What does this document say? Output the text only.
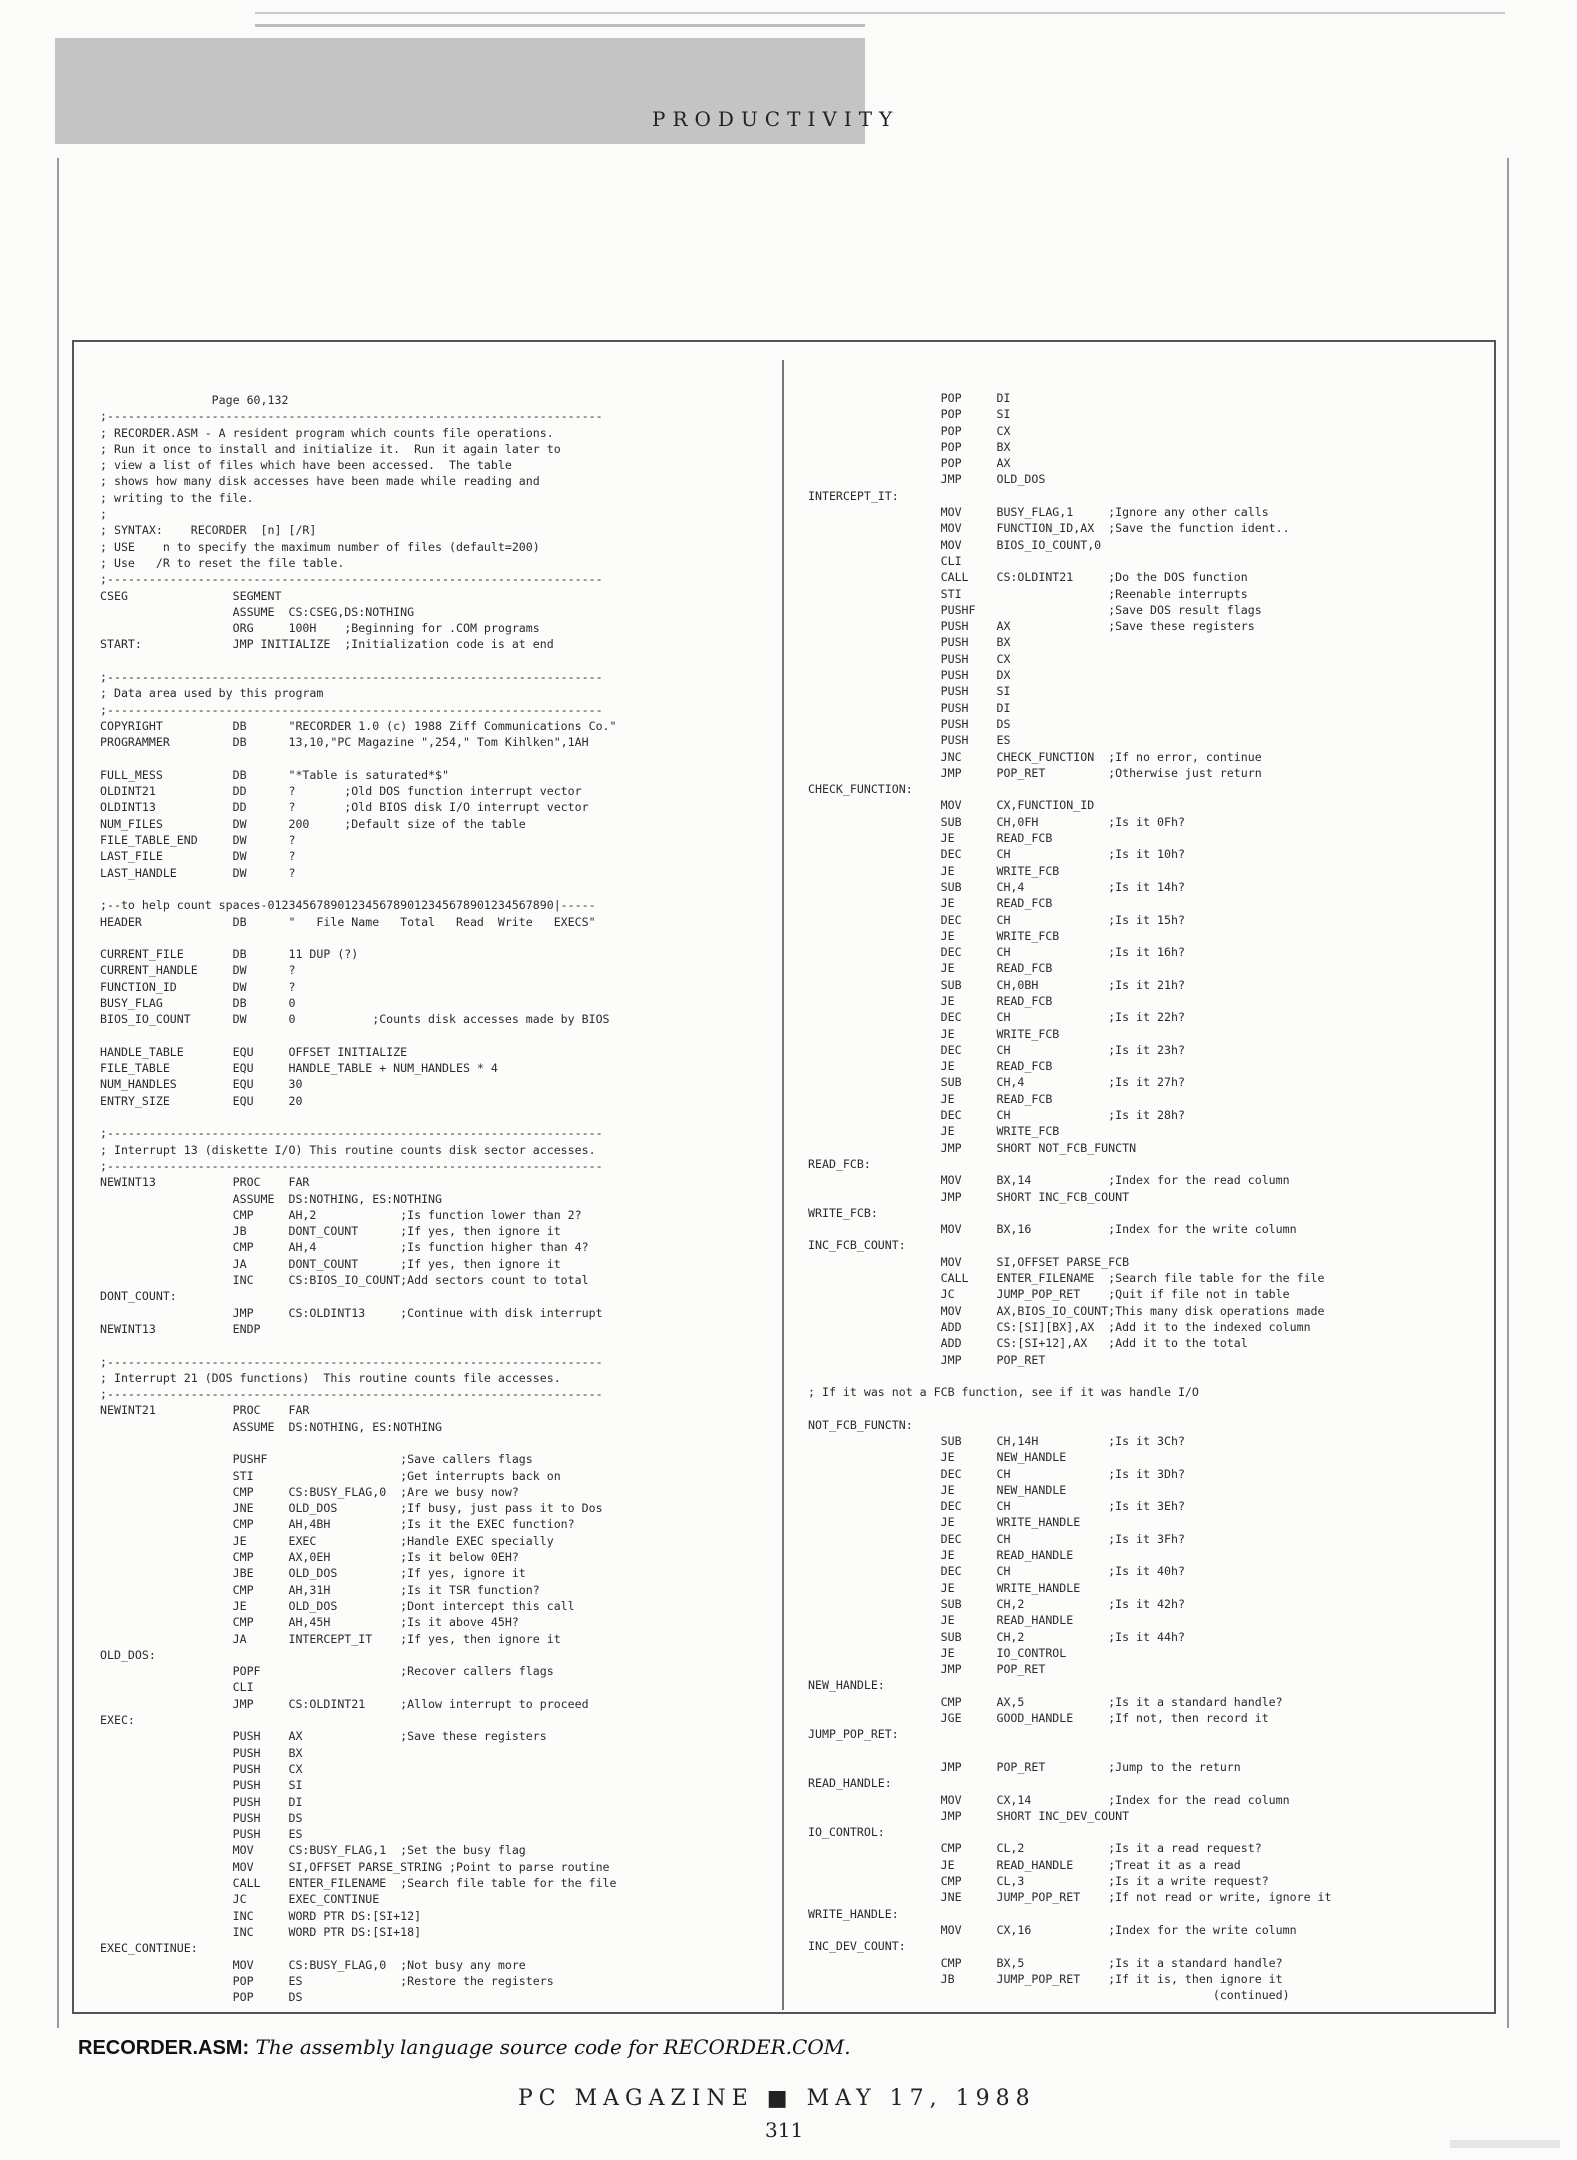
PRODUCTIVITY
Page 60,132
;-----------------------------------------------------------------------
; RECORDER.ASM - A resident program which counts file operations.
; Run it once to install and initialize it.  Run it again later to
; view a list of files which have been accessed.  The table
; shows how many disk accesses have been made while reading and
; writing to the file.
;
; SYNTAX:    RECORDER  [n] [/R]
; USE    n to specify the maximum number of files (default=200)
; Use   /R to reset the file table.
;-----------------------------------------------------------------------
CSEG               SEGMENT
ASSUME  CS:CSEG,DS:NOTHING
ORG     100H    ;Beginning for .COM programs
START:             JMP INITIALIZE  ;Initialization code is at end

;-----------------------------------------------------------------------
; Data area used by this program
;-----------------------------------------------------------------------
COPYRIGHT          DB      "RECORDER 1.0 (c) 1988 Ziff Communications Co."
PROGRAMMER         DB      13,10,"PC Magazine ",254," Tom Kihlken",1AH

FULL_MESS          DB      "*Table is saturated*$"
OLDINT21           DD      ?       ;Old DOS function interrupt vector
OLDINT13           DD      ?       ;Old BIOS disk I/O interrupt vector
NUM_FILES          DW      200     ;Default size of the table
FILE_TABLE_END     DW      ?
LAST_FILE          DW      ?
LAST_HANDLE        DW      ?

;--to help count spaces-01234567890123456789012345678901234567890|-----
HEADER             DB      "   File Name   Total   Read  Write   EXECS"

CURRENT_FILE       DB      11 DUP (?)
CURRENT_HANDLE     DW      ?
FUNCTION_ID        DW      ?
BUSY_FLAG          DB      0
BIOS_IO_COUNT      DW      0           ;Counts disk accesses made by BIOS

HANDLE_TABLE       EQU     OFFSET INITIALIZE
FILE_TABLE         EQU     HANDLE_TABLE + NUM_HANDLES * 4
NUM_HANDLES        EQU     30
ENTRY_SIZE         EQU     20

;-----------------------------------------------------------------------
; Interrupt 13 (diskette I/O) This routine counts disk sector accesses.
;-----------------------------------------------------------------------
NEWINT13           PROC    FAR
ASSUME  DS:NOTHING, ES:NOTHING
CMP     AH,2            ;Is function lower than 2?
JB      DONT_COUNT      ;If yes, then ignore it
CMP     AH,4            ;Is function higher than 4?
JA      DONT_COUNT      ;If yes, then ignore it
INC     CS:BIOS_IO_COUNT;Add sectors count to total
DONT_COUNT:
JMP     CS:OLDINT13     ;Continue with disk interrupt
NEWINT13           ENDP

;-----------------------------------------------------------------------
; Interrupt 21 (DOS functions)  This routine counts file accesses.
;-----------------------------------------------------------------------
NEWINT21           PROC    FAR
ASSUME  DS:NOTHING, ES:NOTHING

PUSHF                   ;Save callers flags
STI                     ;Get interrupts back on
CMP     CS:BUSY_FLAG,0  ;Are we busy now?
JNE     OLD_DOS         ;If busy, just pass it to Dos
CMP     AH,4BH          ;Is it the EXEC function?
JE      EXEC            ;Handle EXEC specially
CMP     AX,0EH          ;Is it below 0EH?
JBE     OLD_DOS         ;If yes, ignore it
CMP     AH,31H          ;Is it TSR function?
JE      OLD_DOS         ;Dont intercept this call
CMP     AH,45H          ;Is it above 45H?
JA      INTERCEPT_IT    ;If yes, then ignore it
OLD_DOS:
POPF                    ;Recover callers flags
CLI
JMP     CS:OLDINT21     ;Allow interrupt to proceed
EXEC:
PUSH    AX              ;Save these registers
PUSH    BX
PUSH    CX
PUSH    SI
PUSH    DI
PUSH    DS
PUSH    ES
MOV     CS:BUSY_FLAG,1  ;Set the busy flag
MOV     SI,OFFSET PARSE_STRING ;Point to parse routine
CALL    ENTER_FILENAME  ;Search file table for the file
JC      EXEC_CONTINUE
INC     WORD PTR DS:[SI+12]
INC     WORD PTR DS:[SI+18]
EXEC_CONTINUE:
MOV     CS:BUSY_FLAG,0  ;Not busy any more
POP     ES              ;Restore the registers
POP     DS
POP     DI
POP     SI
POP     CX
POP     BX
POP     AX
JMP     OLD_DOS
INTERCEPT_IT:
MOV     BUSY_FLAG,1     ;Ignore any other calls
MOV     FUNCTION_ID,AX  ;Save the function ident..
MOV     BIOS_IO_COUNT,0
CLI
CALL    CS:OLDINT21     ;Do the DOS function
STI                     ;Reenable interrupts
PUSHF                   ;Save DOS result flags
PUSH    AX              ;Save these registers
PUSH    BX
PUSH    CX
PUSH    DX
PUSH    SI
PUSH    DI
PUSH    DS
PUSH    ES
JNC     CHECK_FUNCTION  ;If no error, continue
JMP     POP_RET         ;Otherwise just return
CHECK_FUNCTION:
MOV     CX,FUNCTION_ID
SUB     CH,0FH          ;Is it 0Fh?
JE      READ_FCB
DEC     CH              ;Is it 10h?
JE      WRITE_FCB
SUB     CH,4            ;Is it 14h?
JE      READ_FCB
DEC     CH              ;Is it 15h?
JE      WRITE_FCB
DEC     CH              ;Is it 16h?
JE      READ_FCB
SUB     CH,0BH          ;Is it 21h?
JE      READ_FCB
DEC     CH              ;Is it 22h?
JE      WRITE_FCB
DEC     CH              ;Is it 23h?
JE      READ_FCB
SUB     CH,4            ;Is it 27h?
JE      READ_FCB
DEC     CH              ;Is it 28h?
JE      WRITE_FCB
JMP     SHORT NOT_FCB_FUNCTN
READ_FCB:
MOV     BX,14           ;Index for the read column
JMP     SHORT INC_FCB_COUNT
WRITE_FCB:
MOV     BX,16           ;Index for the write column
INC_FCB_COUNT:
MOV     SI,OFFSET PARSE_FCB
CALL    ENTER_FILENAME  ;Search file table for the file
JC      JUMP_POP_RET    ;Quit if file not in table
MOV     AX,BIOS_IO_COUNT;This many disk operations made
ADD     CS:[SI][BX],AX  ;Add it to the indexed column
ADD     CS:[SI+12],AX   ;Add it to the total
JMP     POP_RET

; If it was not a FCB function, see if it was handle I/O

NOT_FCB_FUNCTN:
SUB     CH,14H          ;Is it 3Ch?
JE      NEW_HANDLE
DEC     CH              ;Is it 3Dh?
JE      NEW_HANDLE
DEC     CH              ;Is it 3Eh?
JE      WRITE_HANDLE
DEC     CH              ;Is it 3Fh?
JE      READ_HANDLE
DEC     CH              ;Is it 40h?
JE      WRITE_HANDLE
SUB     CH,2            ;Is it 42h?
JE      READ_HANDLE
SUB     CH,2            ;Is it 44h?
JE      IO_CONTROL
JMP     POP_RET
NEW_HANDLE:
CMP     AX,5            ;Is it a standard handle?
JGE     GOOD_HANDLE     ;If not, then record it
JUMP_POP_RET:

JMP     POP_RET         ;Jump to the return
READ_HANDLE:
MOV     CX,14           ;Index for the read column
JMP     SHORT INC_DEV_COUNT
IO_CONTROL:
CMP     CL,2            ;Is it a read request?
JE      READ_HANDLE     ;Treat it as a read
CMP     CL,3            ;Is it a write request?
JNE     JUMP_POP_RET    ;If not read or write, ignore it
WRITE_HANDLE:
MOV     CX,16           ;Index for the write column
INC_DEV_COUNT:
CMP     BX,5            ;Is it a standard handle?
JB      JUMP_POP_RET    ;If it is, then ignore it
(continued)
RECORDER.ASM: The assembly language source code for RECORDER.COM.
PC MAGAZINE ■ MAY 17, 1988
311
